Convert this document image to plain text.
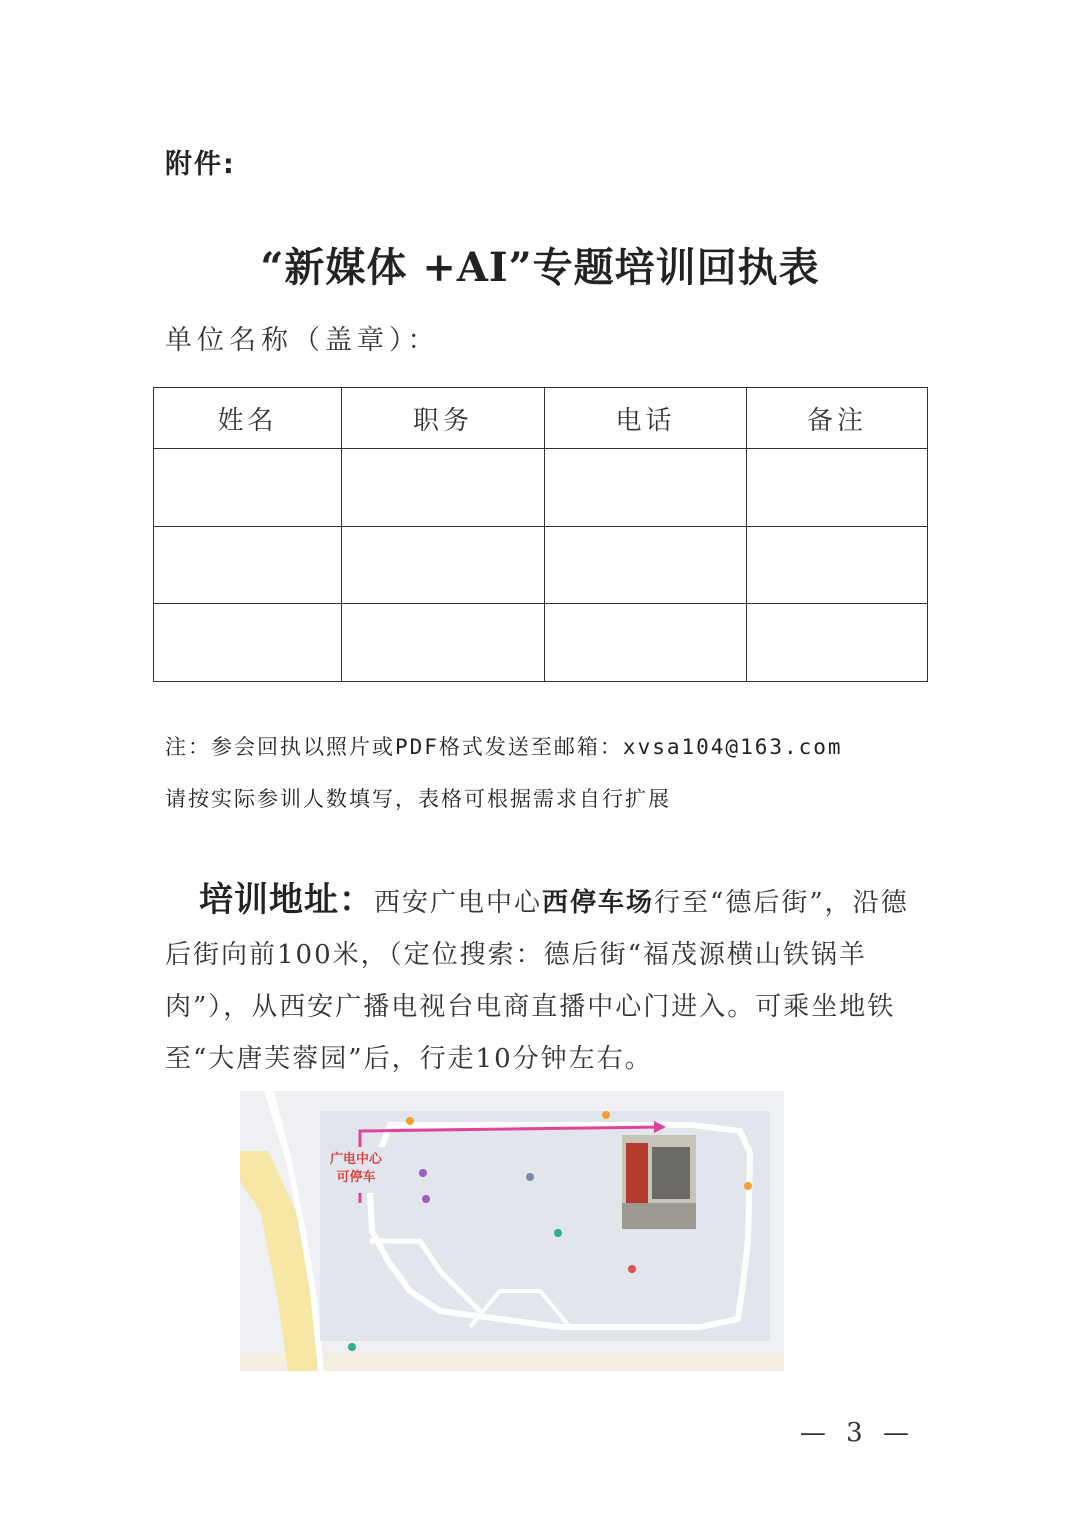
附件:
“新媒体 +AI”专题培训回执表
单位名称（盖章）：
姓名	职务	电话	备注

注：参会回执以照片或PDF格式发送至邮箱：xvsa104@163.com
请按实际参训人数填写，表格可根据需求自行扩展
培训地址：西安广电中心西停车场行至“德后街”，沿德后街向前100米，（定位搜索：德后街“福茂源横山铁锅羊肉”），从西安广播电视台电商直播中心门进入。可乘坐地铁至“大唐芙蓉园”后，行走10分钟左右。
广电中心
可停车
— 3 —
